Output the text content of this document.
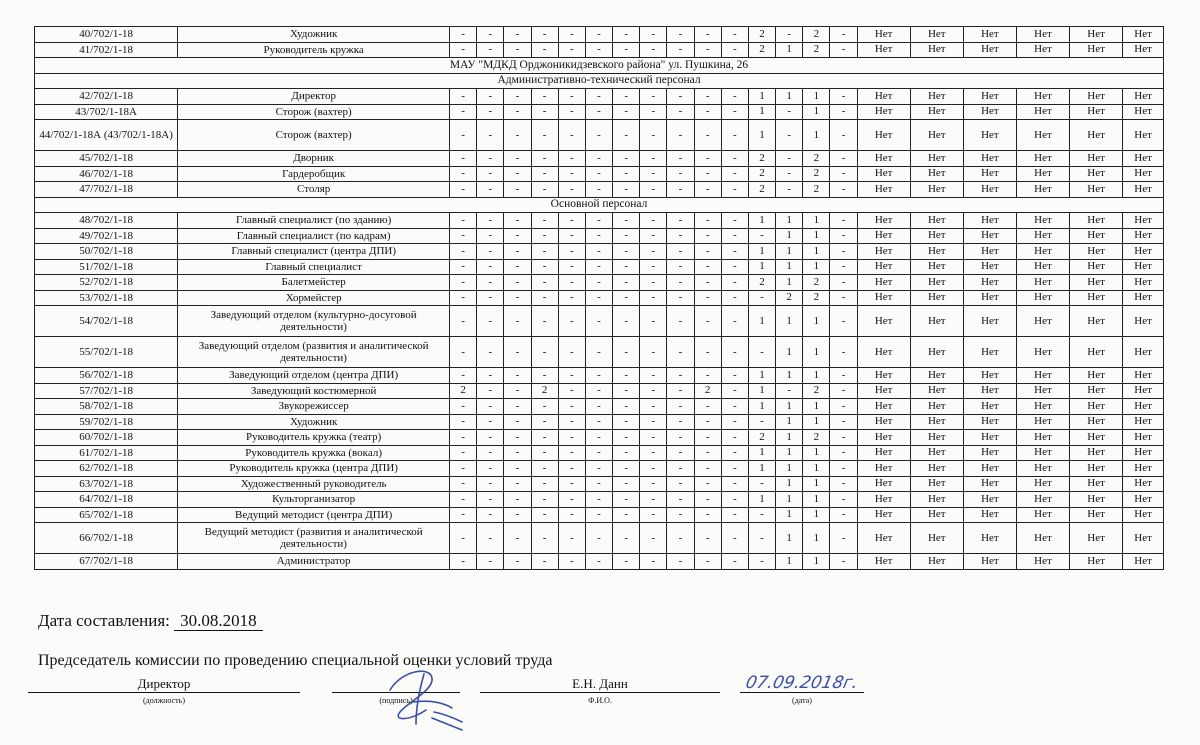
40/702/1-18	Художник	-	-	-	-	-	-	-	-	-	-	-	2	-	2	-	Нет	Нет	Нет	Нет	Нет	Нет
41/702/1-18	Руководитель кружка	-	-	-	-	-	-	-	-	-	-	-	2	1	2	-	Нет	Нет	Нет	Нет	Нет	Нет
МАУ "МДКД Орджоникидзевского района" ул. Пушкина, 26																						
Административно-технический персонал																						
42/702/1-18	Директор	-	-	-	-	-	-	-	-	-	-	-	1	1	1	-	Нет	Нет	Нет	Нет	Нет	Нет
43/702/1-18А	Сторож (вахтер)	-	-	-	-	-	-	-	-	-	-	-	1	-	1	-	Нет	Нет	Нет	Нет	Нет	Нет
44/702/1-18А (43/702/1-18А)	Сторож (вахтер)	-	-	-	-	-	-	-	-	-	-	-	1	-	1	-	Нет	Нет	Нет	Нет	Нет	Нет
45/702/1-18	Дворник	-	-	-	-	-	-	-	-	-	-	-	2	-	2	-	Нет	Нет	Нет	Нет	Нет	Нет
46/702/1-18	Гардеробщик	-	-	-	-	-	-	-	-	-	-	-	2	-	2	-	Нет	Нет	Нет	Нет	Нет	Нет
47/702/1-18	Столяр	-	-	-	-	-	-	-	-	-	-	-	2	-	2	-	Нет	Нет	Нет	Нет	Нет	Нет
Основной персонал																						
48/702/1-18	Главный специалист (по зданию)	-	-	-	-	-	-	-	-	-	-	-	1	1	1	-	Нет	Нет	Нет	Нет	Нет	Нет
49/702/1-18	Главный специалист (по кадрам)	-	-	-	-	-	-	-	-	-	-	-	-	1	1	-	Нет	Нет	Нет	Нет	Нет	Нет
50/702/1-18	Главный специалист (центра ДПИ)	-	-	-	-	-	-	-	-	-	-	-	1	1	1	-	Нет	Нет	Нет	Нет	Нет	Нет
51/702/1-18	Главный специалист	-	-	-	-	-	-	-	-	-	-	-	1	1	1	-	Нет	Нет	Нет	Нет	Нет	Нет
52/702/1-18	Балетмейстер	-	-	-	-	-	-	-	-	-	-	-	2	1	2	-	Нет	Нет	Нет	Нет	Нет	Нет
53/702/1-18	Хормейстер	-	-	-	-	-	-	-	-	-	-	-	-	2	2	-	Нет	Нет	Нет	Нет	Нет	Нет
54/702/1-18	Заведующий отделом (культурно-досуговой деятельности)	-	-	-	-	-	-	-	-	-	-	-	1	1	1	-	Нет	Нет	Нет	Нет	Нет	Нет
55/702/1-18	Заведующий отделом (развития и аналитической деятельности)	-	-	-	-	-	-	-	-	-	-	-	-	1	1	-	Нет	Нет	Нет	Нет	Нет	Нет
56/702/1-18	Заведующий отделом (центра ДПИ)	-	-	-	-	-	-	-	-	-	-	-	1	1	1	-	Нет	Нет	Нет	Нет	Нет	Нет
57/702/1-18	Заведующий костюмерной	2	-	-	2	-	-	-	-	-	2	-	1	-	2	-	Нет	Нет	Нет	Нет	Нет	Нет
58/702/1-18	Звукорежиссер	-	-	-	-	-	-	-	-	-	-	-	1	1	1	-	Нет	Нет	Нет	Нет	Нет	Нет
59/702/1-18	Художник	-	-	-	-	-	-	-	-	-	-	-	-	1	1	-	Нет	Нет	Нет	Нет	Нет	Нет
60/702/1-18	Руководитель кружка (театр)	-	-	-	-	-	-	-	-	-	-	-	2	1	2	-	Нет	Нет	Нет	Нет	Нет	Нет
61/702/1-18	Руководитель кружка (вокал)	-	-	-	-	-	-	-	-	-	-	-	1	1	1	-	Нет	Нет	Нет	Нет	Нет	Нет
62/702/1-18	Руководитель кружка (центра ДПИ)	-	-	-	-	-	-	-	-	-	-	-	1	1	1	-	Нет	Нет	Нет	Нет	Нет	Нет
63/702/1-18	Художественный руководитель	-	-	-	-	-	-	-	-	-	-	-	-	1	1	-	Нет	Нет	Нет	Нет	Нет	Нет
64/702/1-18	Культорганизатор	-	-	-	-	-	-	-	-	-	-	-	1	1	1	-	Нет	Нет	Нет	Нет	Нет	Нет
65/702/1-18	Ведущий методист (центра ДПИ)	-	-	-	-	-	-	-	-	-	-	-	-	1	1	-	Нет	Нет	Нет	Нет	Нет	Нет
66/702/1-18	Ведущий методист (развития и аналитической деятельности)	-	-	-	-	-	-	-	-	-	-	-	-	1	1	-	Нет	Нет	Нет	Нет	Нет	Нет
67/702/1-18	Администратор	-	-	-	-	-	-	-	-	-	-	-	-	1	1	-	Нет	Нет	Нет	Нет	Нет	Нет
Дата составления: 30.08.2018
Председатель комиссии по проведению специальной оценки условий труда
Директор
(должность)	(подпись)
Е.Н. Данн
Ф.И.О.
07.09.2018г.
(дата)
